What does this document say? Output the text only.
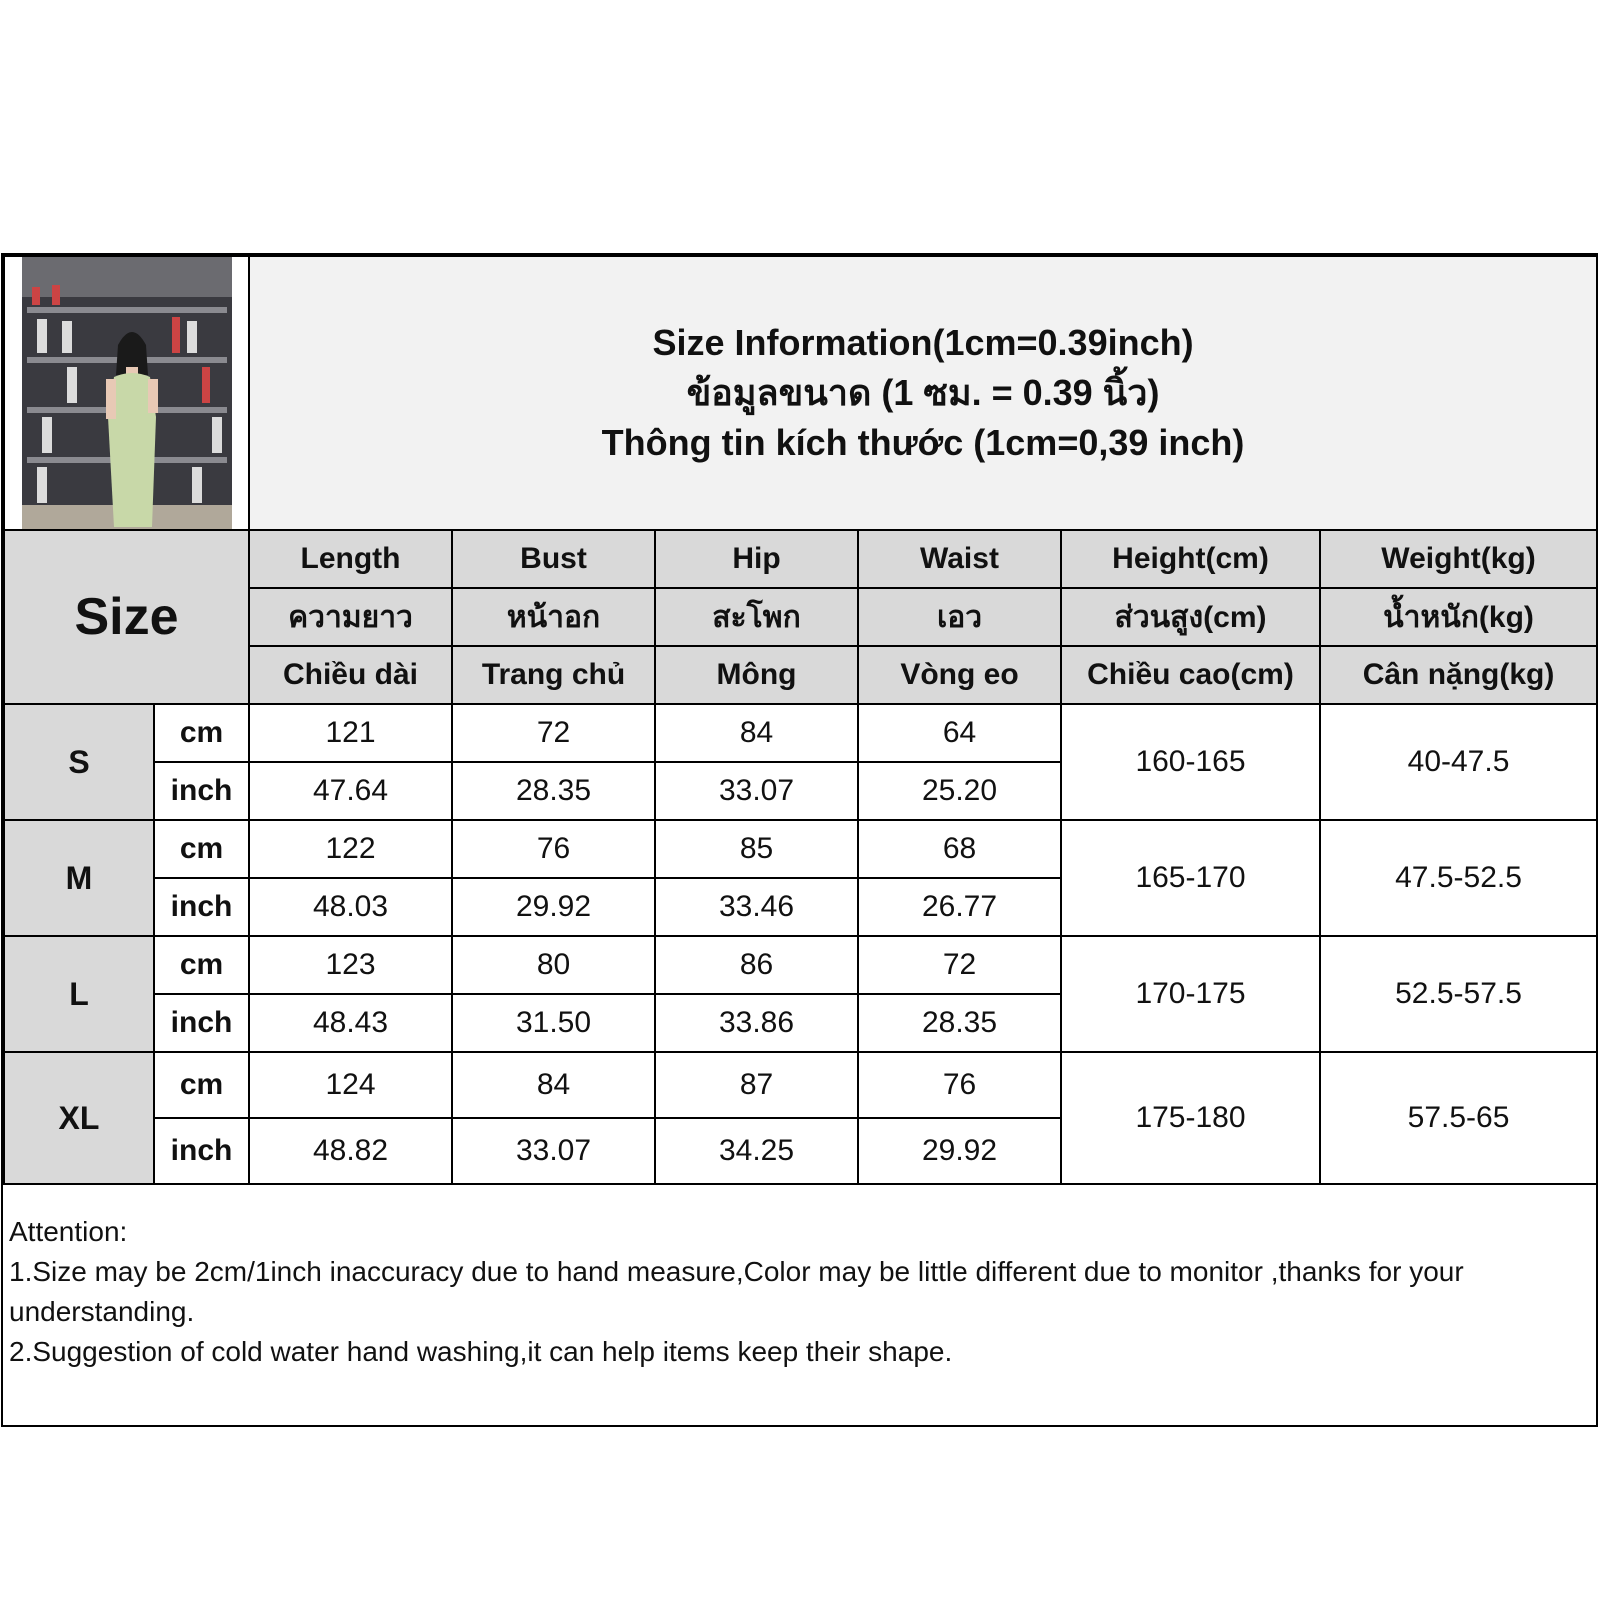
Size Information(1cm=0.39inch)
ข้อมูลขนาด (1 ซม. = 0.39 นิ้ว)
Thông tin kích thước (1cm=0,39 inch)					

Size		Length	Bust	Hip	Waist	Height(cm)	Weight(kg)
		ความยาว	หน้าอก	สะโพก	เอว	ส่วนสูง(cm)	น้ำหนัก(kg)
		Chiều dài	Trang chủ	Mông	Vòng eo	Chiều cao(cm)	Cân nặng(kg)
S	cm	121	72	84	64	160-165	40-47.5
	inch	47.64	28.35	33.07	25.20		
M	cm	122	76	85	68	165-170	47.5-52.5
	inch	48.03	29.92	33.46	26.77		
L	cm	123	80	86	72	170-175	52.5-57.5
	inch	48.43	31.50	33.86	28.35		
XL	cm	124	84	87	76	175-180	57.5-65
	inch	48.82	33.07	34.25	29.92		
Attention:
1.Size may be 2cm/1inch inaccuracy due to hand measure,Color may be little different due to monitor ,thanks for your understanding.
2.Suggestion of cold water hand washing,it can help items keep their shape.
